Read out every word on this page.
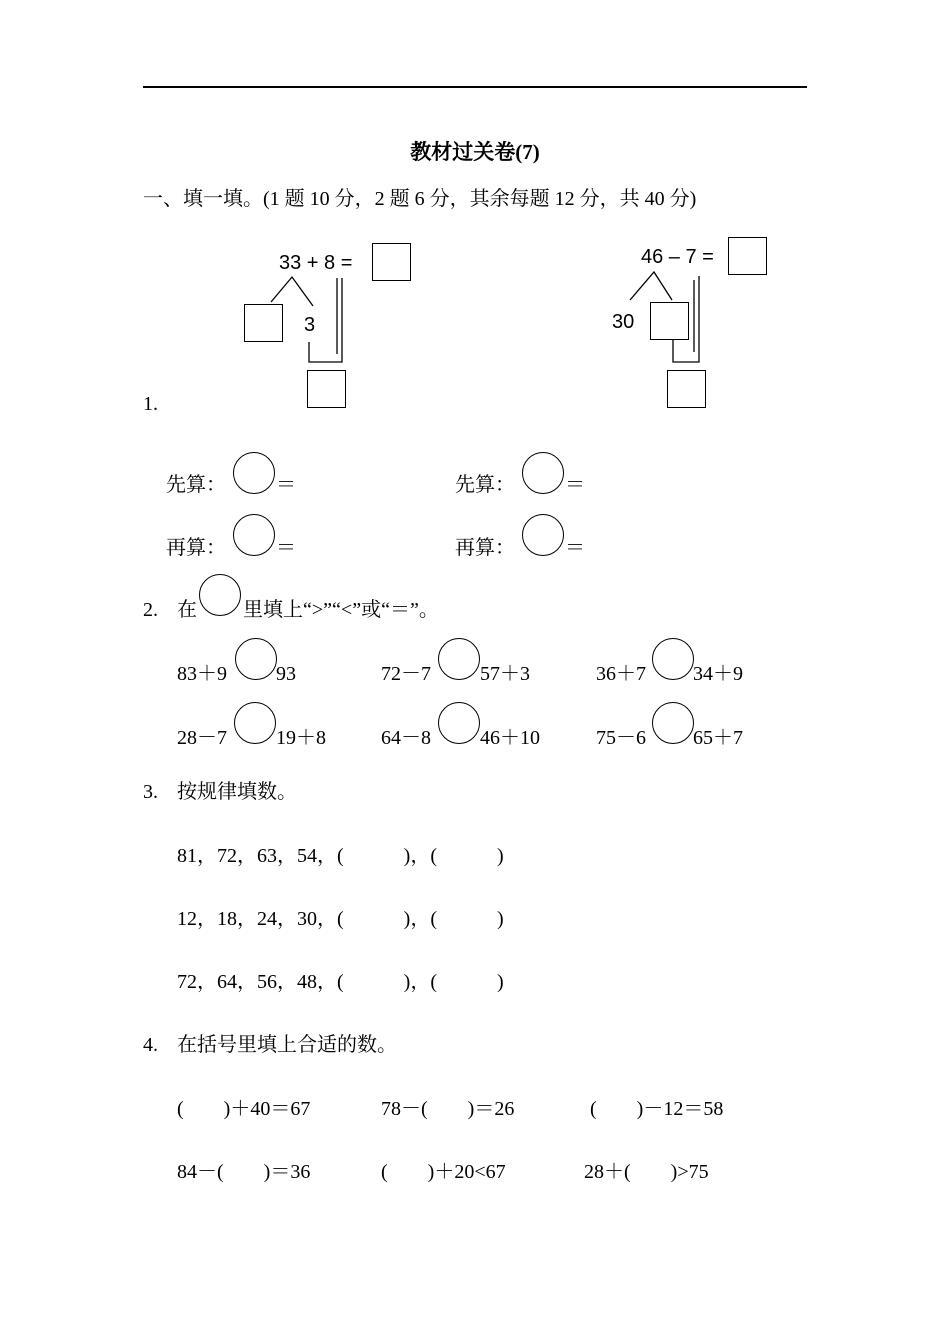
教材过关卷(7)
一、填一填。(1 题 10 分，2 题 6 分，其余每题 12 分，共 40 分)
33 + 8 =
3
46 – 7 =
30
1.
先算：	＝	先算：	＝
再算：	＝	再算：	＝
2. 在 里填上“>”“<”或“＝”。
83＋9 93	72－7 57＋3	36＋7 34＋9
28－7 19＋8	64－8 46＋10	75－6 65＋7
3. 按规律填数。
81，72，63，54，(　　　)，(　　　)
12，18，24，30，(　　　)，(　　　)
72，64，56，48，(　　　)，(　　　)
4. 在括号里填上合适的数。
(　　)＋40＝67	78－(　　)＝26	(　　)－12＝58
84－(　　)＝36	(　　)＋20<67	28＋(　　)>75
